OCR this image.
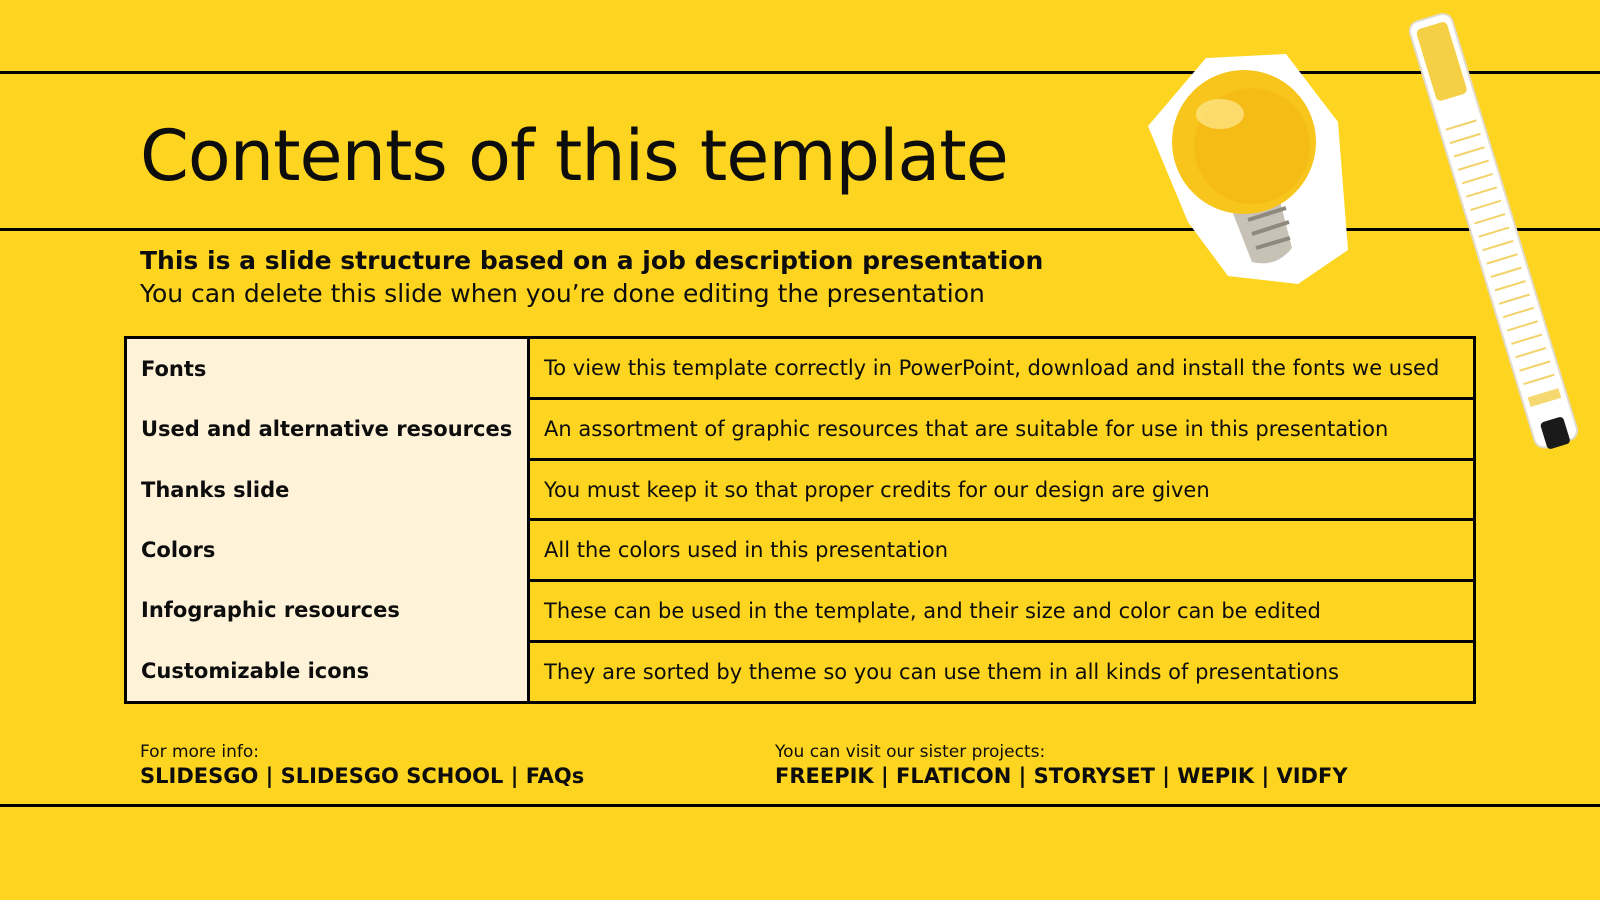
Contents of this template
This is a slide structure based on a job description presentation
You can delete this slide when you’re done editing the presentation
Fonts
Used and alternative resources
Thanks slide
Colors
Infographic resources
Customizable icons
To view this template correctly in PowerPoint, download and install the fonts we used
An assortment of graphic resources that are suitable for use in this presentation
You must keep it so that proper credits for our design are given
All the colors used in this presentation
These can be used in the template, and their size and color can be edited
They are sorted by theme so you can use them in all kinds of presentations
For more info:
SLIDESGO | SLIDESGO SCHOOL | FAQs
You can visit our sister projects:
FREEPIK | FLATICON | STORYSET | WEPIK | VIDFY
